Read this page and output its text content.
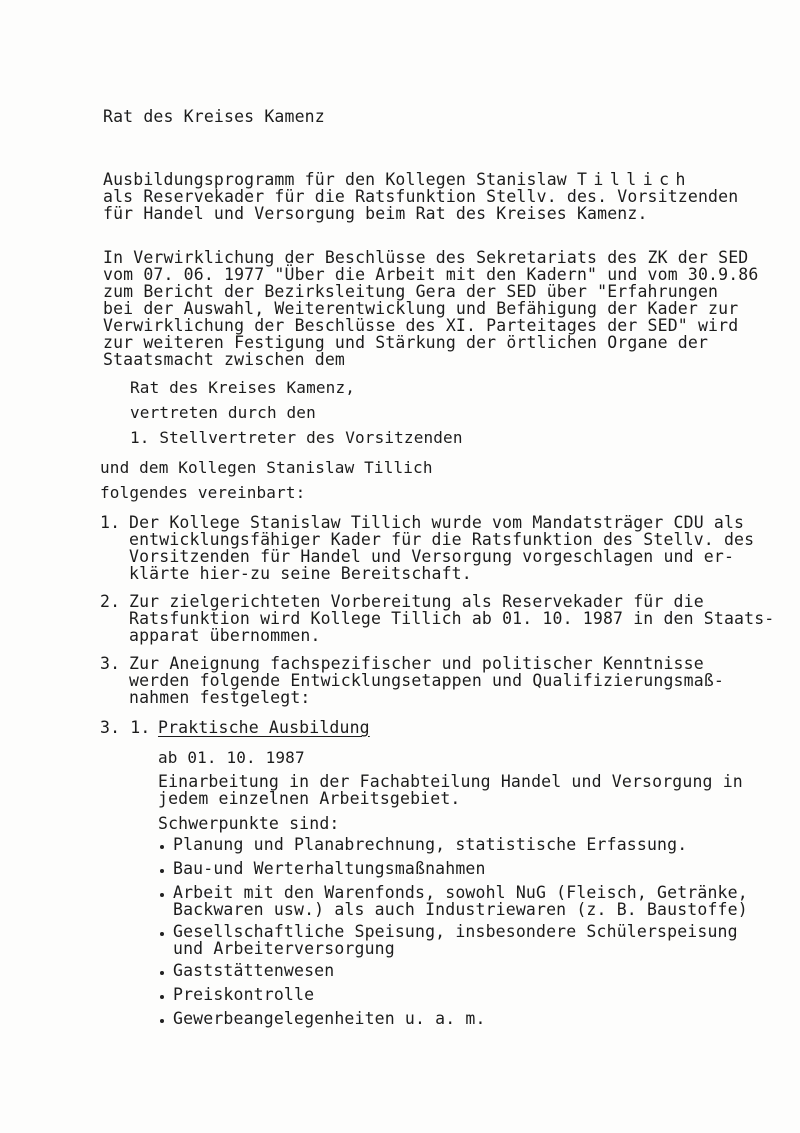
Rat des Kreises Kamenz
Ausbildungsprogramm für den Kollegen Stanislaw Tillich
als Reservekader für die Ratsfunktion Stellv. des. Vorsitzenden
für Handel und Versorgung beim Rat des Kreises Kamenz.
In Verwirklichung der Beschlüsse des Sekretariats des ZK der SED
vom 07. 06. 1977 "Über die Arbeit mit den Kadern" und vom 30.9.86
zum Bericht der Bezirksleitung Gera der SED über "Erfahrungen
bei der Auswahl, Weiterentwicklung und Befähigung der Kader zur
Verwirklichung der Beschlüsse des XI. Parteitages der SED" wird
zur weiteren Festigung und Stärkung der örtlichen Organe der
Staatsmacht zwischen dem
Rat des Kreises Kamenz,
vertreten durch den
1. Stellvertreter des Vorsitzenden
und dem Kollegen Stanislaw Tillich
folgendes vereinbart:
1. Der Kollege Stanislaw Tillich wurde vom Mandatsträger CDU als
entwicklungsfähiger Kader für die Ratsfunktion des Stellv. des
Vorsitzenden für Handel und Versorgung vorgeschlagen und er-
klärte hier-zu seine Bereitschaft.
2. Zur zielgerichteten Vorbereitung als Reservekader für die
Ratsfunktion wird Kollege Tillich ab 01. 10. 1987 in den Staats-
apparat übernommen.
3. Zur Aneignung fachspezifischer und politischer Kenntnisse
werden folgende Entwicklungsetappen und Qualifizierungsmaß-
nahmen festgelegt:
3. 1. Praktische Ausbildung
ab 01. 10. 1987
Einarbeitung in der Fachabteilung Handel und Versorgung in
jedem einzelnen Arbeitsgebiet.
Schwerpunkte sind:
Planung und Planabrechnung, statistische Erfassung.
Bau-und Werterhaltungsmaßnahmen
Arbeit mit den Warenfonds, sowohl NuG (Fleisch, Getränke,
Backwaren usw.) als auch Industriewaren (z. B. Baustoffe)
Gesellschaftliche Speisung, insbesondere Schülerspeisung
und Arbeiterversorgung
Gaststättenwesen
Preiskontrolle
Gewerbeangelegenheiten u. a. m.
